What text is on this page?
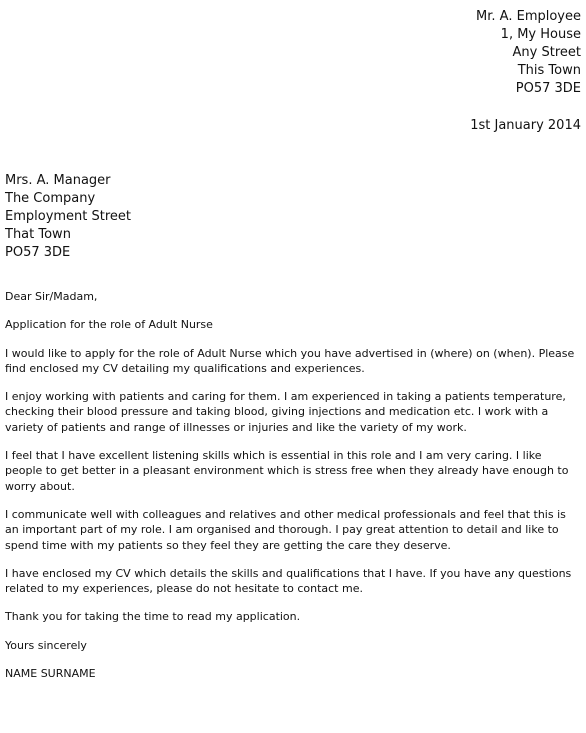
Mr. A. Employee
1, My House
Any Street
This Town
PO57 3DE
1st January 2014
Mrs. A. Manager
The Company
Employment Street
That Town
PO57 3DE

Dear Sir/Madam,

Application for the role of Adult Nurse

I would like to apply for the role of Adult Nurse which you have advertised in (where) on (when). Please find enclosed my CV detailing my qualifications and experiences.

I enjoy working with patients and caring for them. I am experienced in taking a patients temperature, checking their blood pressure and taking blood, giving injections and medication etc. I work with a variety of patients and range of illnesses or injuries and like the variety of my work.

I feel that I have excellent listening skills which is essential in this role and I am very caring. I like people to get better in a pleasant environment which is stress free when they already have enough to worry about.

I communicate well with colleagues and relatives and other medical professionals and feel that this is an important part of my role. I am organised and thorough. I pay great attention to detail and like to spend time with my patients so they feel they are getting the care they deserve.

I have enclosed my CV which details the skills and qualifications that I have. If you have any questions related to my experiences, please do not hesitate to contact me.

Thank you for taking the time to read my application.

Yours sincerely

NAME SURNAME
